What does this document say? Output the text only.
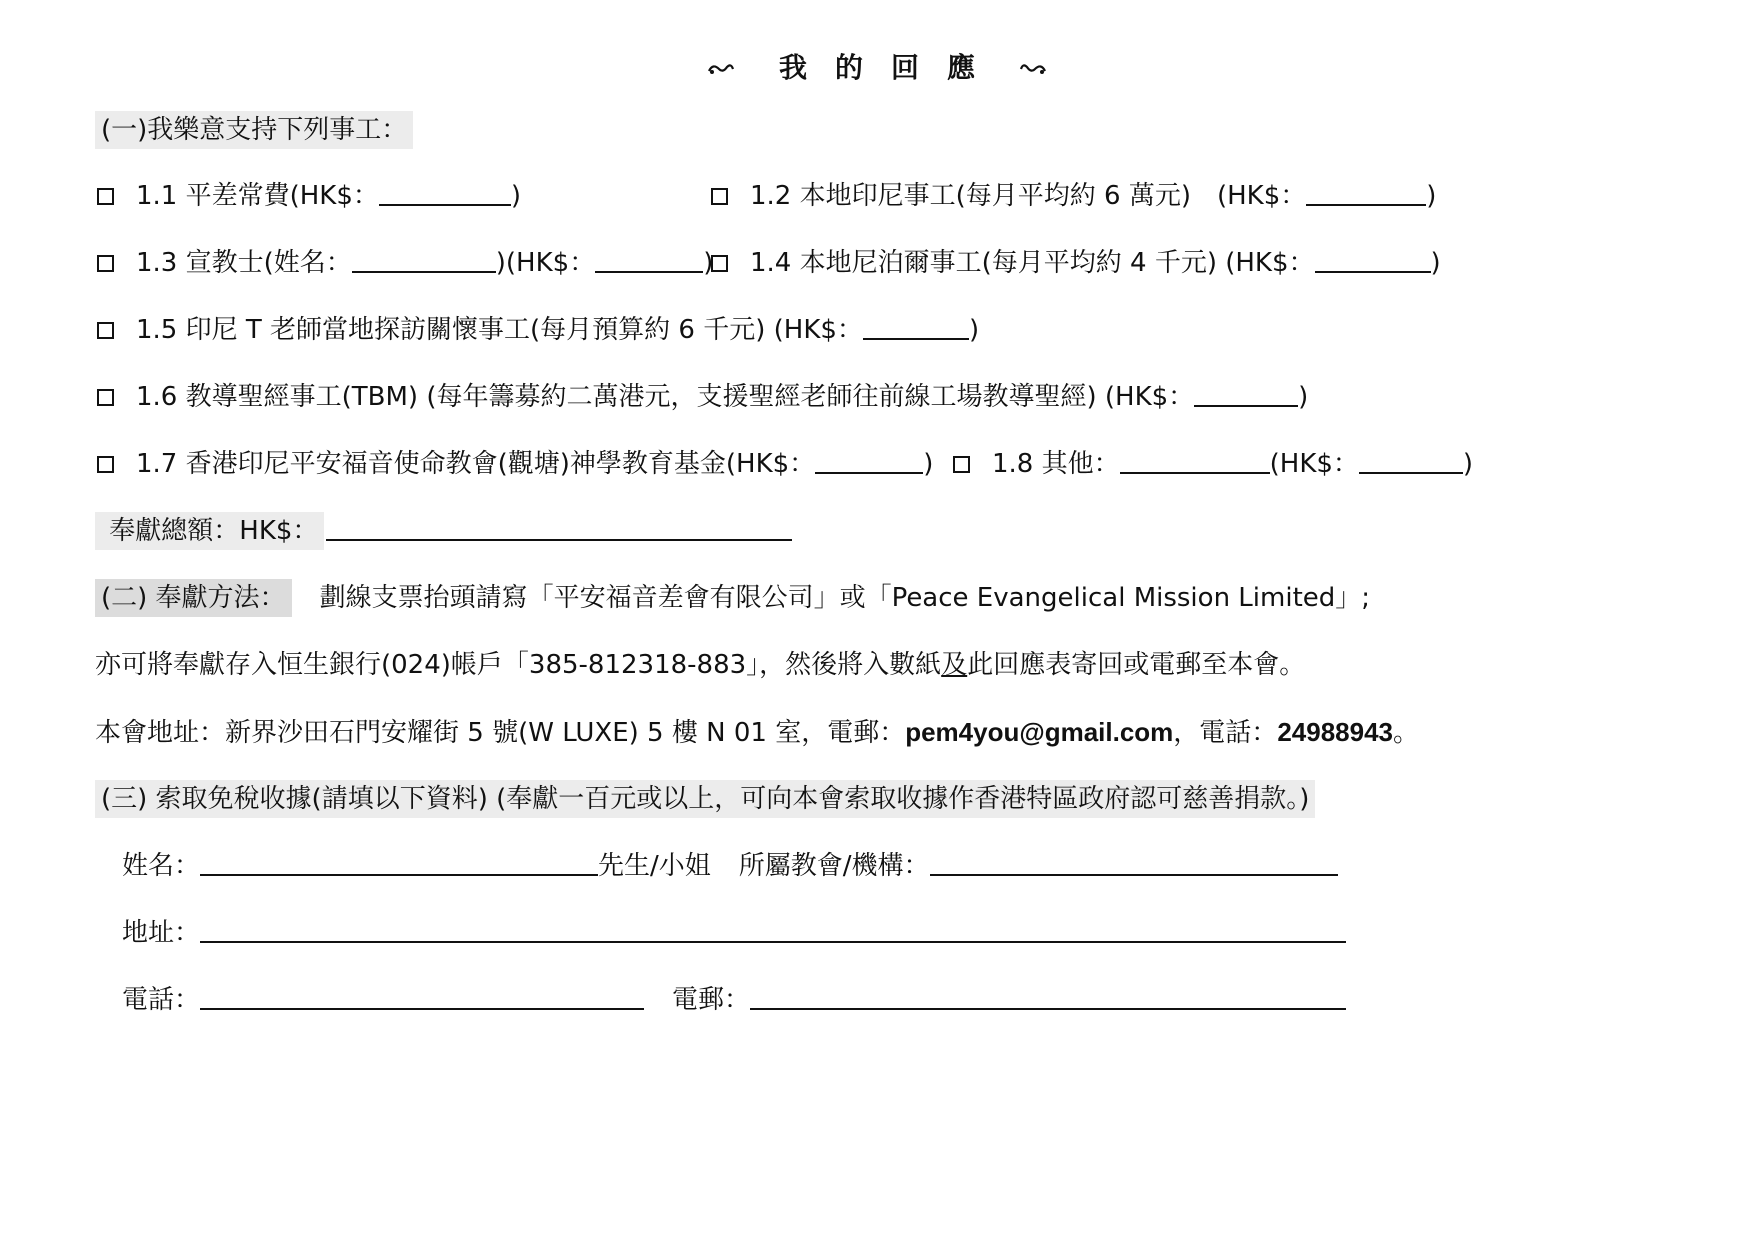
我　的　回　應
(一)我樂意支持下列事工：
1.1 平差常費(HK$：	)	1.2 本地印尼事工(每月平均約 6 萬元)　(HK$：	)
1.3 宣教士(姓名：	)(HK$：	)	1.4 本地尼泊爾事工(每月平均約 4 千元) (HK$：	)
1.5 印尼 T 老師當地探訪關懷事工(每月預算約 6 千元) (HK$：	)
1.6 教導聖經事工(TBM) (每年籌募約二萬港元，支援聖經老師往前線工場教導聖經) (HK$：	)
1.7 香港印尼平安福音使命教會(觀塘)神學教育基金(HK$：	)	1.8 其他：	(HK$：	)
奉獻總額：HK$：
(二) 奉獻方法： 劃線支票抬頭請寫「平安福音差會有限公司」或「Peace Evangelical Mission Limited」;
亦可將奉獻存入恒生銀行(024)帳戶「385-812318-883」，然後將入數紙及此回應表寄回或電郵至本會。
本會地址：新界沙田石門安耀街 5 號(W LUXE) 5 樓 N 01 室，電郵：pem4you@gmail.com，電話：24988943。
(三) 索取免稅收據(請填以下資料) (奉獻一百元或以上，可向本會索取收據作香港特區政府認可慈善捐款。)
姓名：	先生/小姐 所屬教會/機構：
地址：
電話：	電郵：
